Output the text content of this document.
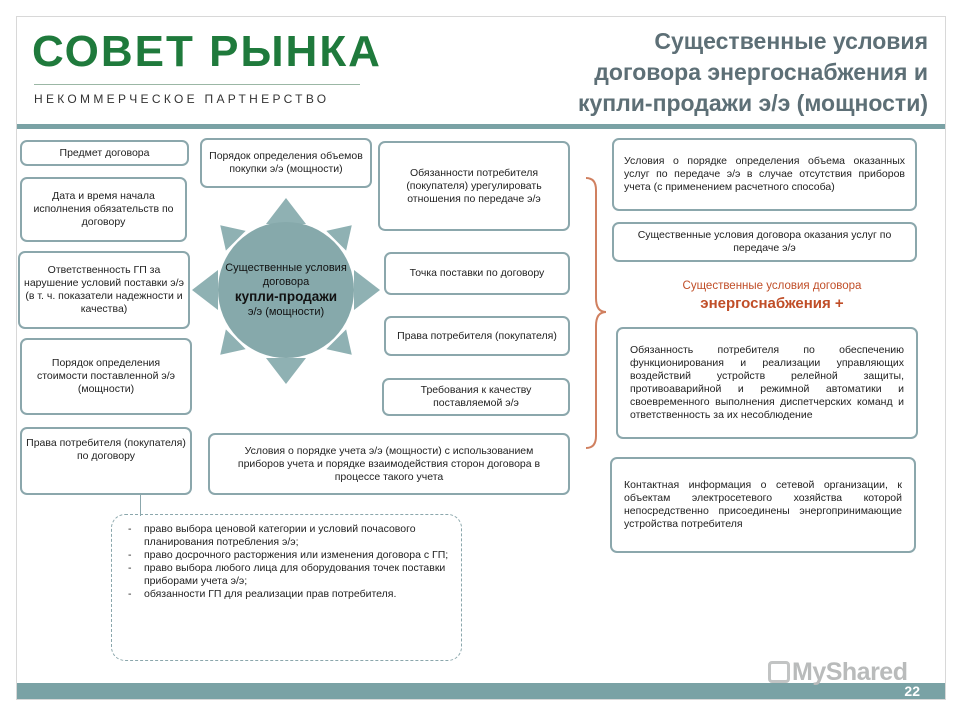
СОВЕТ РЫНКА
НЕКОММЕРЧЕСКОЕ ПАРТНЕРСТВО
Существенные условия
договора энергоснабжения и
купли-продажи э/э (мощности)
Предмет договора
Дата и время начала исполнения обязательств по договору
Ответственность ГП за нарушение условий поставки э/э (в т. ч. показатели надежности и качества)
Порядок определения стоимости поставленной э/э (мощности)
Права потребителя (покупателя) по договору
Порядок определения объемов покупки э/э (мощности)
Существенные условия договора
купли-продажи
э/э (мощности)
Условия о порядке учета э/э (мощности) с использованием приборов учета и порядке взаимодействия сторон договора в процессе такого учета
Обязанности потребителя (покупателя) урегулировать отношения по передаче э/э
Точка поставки по договору
Права потребителя (покупателя)
Требования к качеству поставляемой э/э
Условия о порядке определения объема оказанных услуг по передаче э/э в случае отсутствия приборов учета (с применением расчетного способа)
Существенные условия договора оказания услуг по передаче э/э
Существенные условия договора
энергоснабжения +
Обязанность потребителя по обеспечению функционирования и реализации управляющих воздействий устройств релейной защиты, противоаварийной и режимной автоматики и своевременного выполнения диспетчерских команд и ответственность за их несоблюдение
Контактная информация о сетевой организации, к объектам электросетевого хозяйства которой непосредственно присоединены энергопринимающие устройства потребителя
- право выбора ценовой категории и условий почасового планирования потребления э/э;
- право досрочного расторжения или изменения договора с ГП;
- право выбора любого лица для оборудования точек поставки приборами учета э/э;
- обязанности ГП для реализации прав потребителя.
MyShared
22
